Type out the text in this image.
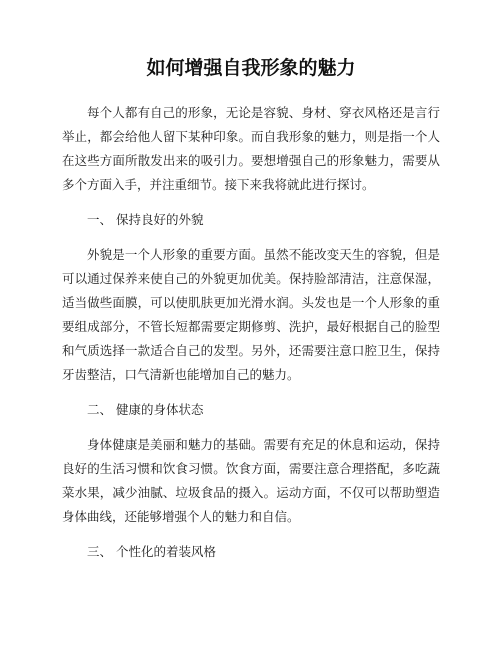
如何增强自我形象的魅力

每个人都有自己的形象，无论是容貌、身材、穿衣风格还是言行举止，都会给他人留下某种印象。而自我形象的魅力，则是指一个人在这些方面所散发出来的吸引力。要想增强自己的形象魅力，需要从多个方面入手，并注重细节。接下来我将就此进行探讨。

一、 保持良好的外貌

外貌是一个人形象的重要方面。虽然不能改变天生的容貌，但是可以通过保养来使自己的外貌更加优美。保持脸部清洁，注意保湿，适当做些面膜，可以使肌肤更加光滑水润。头发也是一个人形象的重要组成部分，不管长短都需要定期修剪、洗护，最好根据自己的脸型和气质选择一款适合自己的发型。另外，还需要注意口腔卫生，保持牙齿整洁，口气清新也能增加自己的魅力。

二、 健康的身体状态

身体健康是美丽和魅力的基础。需要有充足的休息和运动，保持良好的生活习惯和饮食习惯。饮食方面，需要注意合理搭配，多吃蔬菜水果，减少油腻、垃圾食品的摄入。运动方面，不仅可以帮助塑造身体曲线，还能够增强个人的魅力和自信。

三、 个性化的着装风格
